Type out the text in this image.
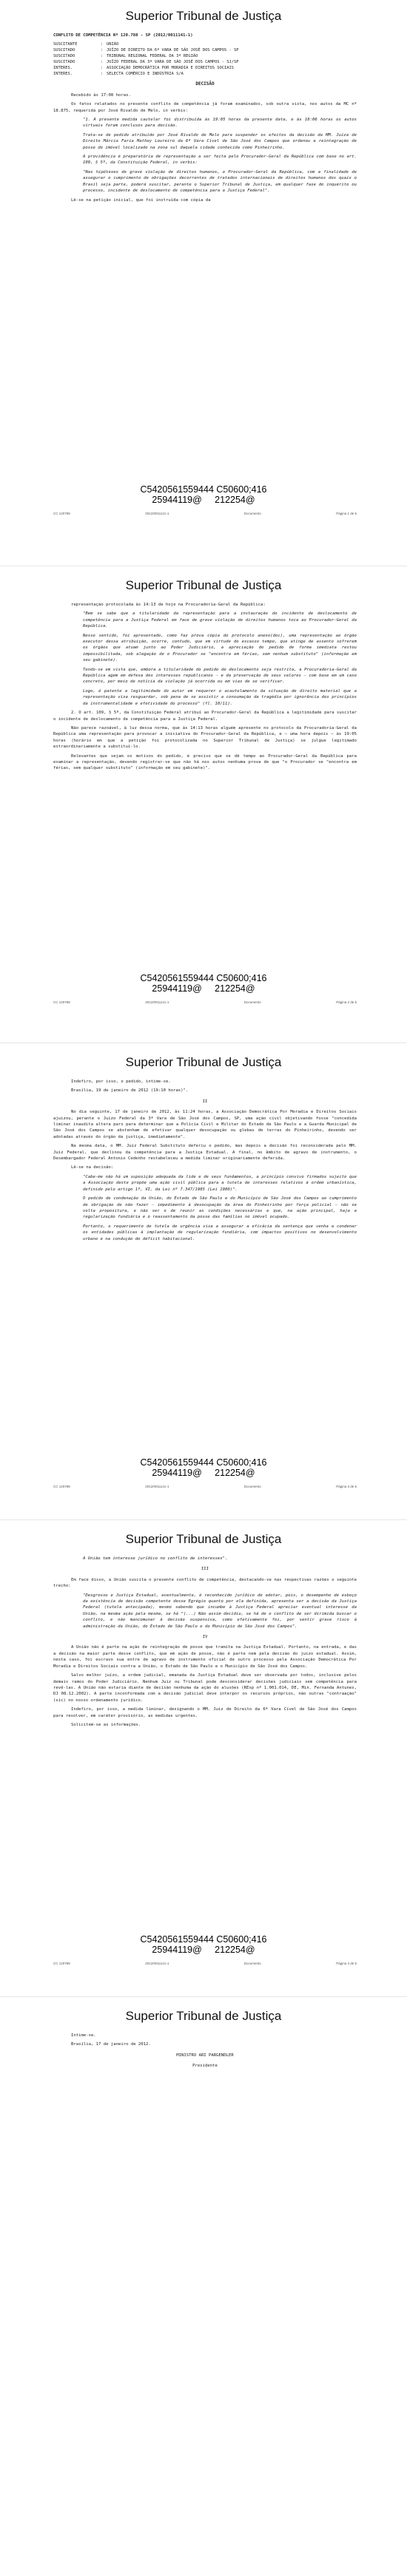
Superior Tribunal de Justiça
CONFLITO DE COMPETÊNCIA Nº 120.788 - SP (2012/0011141-1)
SUSCITANTE	: UNIÃO
SUSCITADO	: JUÍZO DE DIREITO DA 6ª VARA DE SÃO JOSÉ DOS CAMPOS - SP
SUSCITADO	: TRIBUNAL REGIONAL FEDERAL DA 3ª REGIÃO
SUSCITADO	: JUÍZO FEDERAL DA 3ª VARA DE SÃO JOSÉ DOS CAMPOS - SJ/SP
INTERES.	: ASSOCIAÇÃO DEMOCRÁTICA POR MORADIA E DIREITOS SOCIAIS
INTERES.	: SELECTA COMÉRCIO E INDÚSTRIA S/A
DECISÃO
Recebido às 17:08 horas.
Os fatos relatados no presente conflito de competência já foram examinados, sob outra vista, nos autos da MC nº 18.875, requerida por José Rivaldo de Melo, in verbis:
"1. A presente medida cautelar foi distribuída às 19:05 horas da presente data, e às 18:06 horas os autos virtuais foram conclusos para decisão.
Trata-se de pedido atribuído por José Rivaldo de Melo para suspender os efeitos da decisão da MM. Juíza de Direito Márcia Faria Mathey Loureiro da 6ª Vara Cível de São José dos Campos que ordenou a reintegração de posse do imóvel localizado na zona sul daquela cidade conhecida como Pinheirinho.
A providência é preparatória de representação a ser feita pelo Procurador-Geral da República com base no art. 109, § 5º, da Constituição Federal, in verbis:
"Nas hipóteses de grave violação de direitos humanos, o Procurador-Geral da República, com a finalidade de assegurar o cumprimento de obrigações decorrentes de tratados internacionais de direitos humanos dos quais o Brasil seja parte, poderá suscitar, perante o Superior Tribunal de Justiça, em qualquer fase do inquérito ou processo, incidente de deslocamento de competência para a Justiça Federal".
Lê-se na petição inicial, que foi instruída com cópia da
C5420561559444 C50600;416
25944119@     212254@
CC 120788	2012/0011141-1	Documento	Página 1 de 5
Superior Tribunal de Justiça
representação protocolada às 14:13 de hoje na Procuradoria-Geral da República:
"Bem se sabe que a titularidade da representação para a instauração do incidente de deslocamento de competência para a Justiça Federal em face de grave violação de direitos humanos toca ao Procurador-Geral da República.
Nesse sentido, foi apresentado, como faz prova cópia do protocolo anexo(doc), uma representação ao órgão executor dessa atribuição, ocorre, contudo, que em virtude do escasso tempo, que atinge de assento sofrerem os órgãos que atuam junto ao Poder Judiciário, a apreciação do pedido de forma imediata restou impossibilitada, sob alegação de o Procurador se "encontra em férias, sem nenhum substituto" (informação em seu gabinete).
Tendo-se em vista que, embora a titularidade do pedido de deslocamento seja restrita, a Procuradoria-Geral da República agem em defesa dos interesses republicanos – e da preservação de seus valores – com base em um caso concreto, por meio de notícia da violação já ocorrida ou em vias de se verificar.
Logo, é patente a legitimidade do autor em requerer o acautelamento da situação de direito material que a representação visa resguardar, sob pena de se assistir a consumação da tragédia por ignorância dos princípios da instrumentalidade e efetividade do processo" (fl. 10/11).
2. O art. 109, § 5º, da Constituição Federal atribuí ao Procurador-Geral da República a legitimidade para suscitar o incidente de deslocamento de competência para a Justiça Federal.
Não parece razoável, à luz dessa norma, que às 14:13 horas alguém apresente no protocolo da Procuradoria-Geral da República uma representação para provocar a iniciativa do Procurador-Geral da República, e – uma hora depois – às 19:05 horas (horário em que a petição foi protocolizada no Superior Tribunal de Justiça) se julgue legitimado extraordinariamente a substituí-lo.
Relevantes que sejam os motivos do pedido, é preciso que se dê tempo ao Procurador-Geral da República para examinar a representação, devendo registrar-se que não há nos autos nenhuma prova de que "o Procurador se "encontra em férias, sem qualquer substituto" (informação em seu gabinete)".
C5420561559444 C50600;416
25944119@     212254@
CC 120788	2012/0011141-1	Documento	Página 2 de 5
Superior Tribunal de Justiça
Indefiro, por isso, o pedido, intime-se.
Brasília, 19 de janeiro de 2012 (19:10 horas)".
II
No dia seguinte, 17 de janeiro de 2012, às 11:24 horas, a Associação Democrática Por Moradia e Direitos Sociais ajuizou, perante o Juízo Federal da 3ª Vara de São José dos Campos, SP, uma ação civil objetivando fosse "concedida liminar inaudita altera pars para determinar que a Polícia Civil e Militar do Estado de São Paulo e a Guarda Municipal de São José dos Campos se abstenham de efetivar qualquer desocupação ou glebas de terras do Pinheirinho, devendo ser adotadas através do órgão da justiça, imediatamente".
Na mesma data, o MM. Juiz Federal Substituto deferiu o pedido, mas depois a decisão foi reconsiderada pelo MM. Juiz Federal, que declinou da competência para a Justiça Estadual. A final, no âmbito de agravo de instrumento, o Desembargador Federal Antonio Cedenho restabeleceu a medida liminar originariamente deferida.
Lê-se na decisão:
"Cabe-me não há um suposição adequada da lide e de seus fundamentos, a princípio convivo firmados sujeito que a Associação deste propõe uma ação civil pública para a tutela de interesses relativos à ordem urbanística, definido pelo artigo 1º, VI, da Lei nº 7.347/1985 (Lei 1980)".
O pedido de condenação da União, do Estado de São Paulo e do Município de São José dos Campos ao cumprimento de obrigação de não fazer – impedimento à desocupação da área do Pinheirinho por força policial – não se volta propositura, e não ser o de reunir as condições necessárias e que, na ação principal, haja a regularização fundiária e o reassentamento da posse das famílias no imóvel ocupado.
Portanto, o requerimento de tutela de urgência visa a assegurar a eficácia da sentença que venha a condenar os entidades públicas à implantação de regularização fundiária, com impactos positivos no desenvolvimento urbano e na condução do déficit habitacional.
C5420561559444 C50600;416
25944119@     212254@
CC 120788	2012/0011141-1	Documento	Página 3 de 5
Superior Tribunal de Justiça
A União tem interesse jurídico no conflito de interesses".
III
Em face disso, a União suscita o presente conflito de competência, destacando-se nas respectivas razões o seguinte trecho:
"Desgrosso e Justiça Estadual, eventualmente, é reconhecido jurídico de adotar, pois, o desempenho de esboço da existência de decisão competente desse Egrégio quanto por ela definida, apresenta ser a decisão da Justiça Federal (tutela antecipada), mesmo sabendo que incumbe à Justiça Federal apreciar eventual interesse da União, na mesma ação pela mesma, se há "(...) Não assim decidiu, se há de o conflito de ser dirimida buscar o conflito, e não mancomunar à decisão suspensiva, como efetivamente foi, por sentir grave risco à administração da União, do Estado de São Paulo e do Município de São José dos Campos".
IV
A União não é parte na ação de reintegração de posse que tramita na Justiça Estadual. Portanto, na entrada, e das a decisão na maior parte desse conflito, que em ação de posse, não é parte nem pela decisão do juízo estadual. Assim, nesta caso, foi escravo sua entre de agravo de instrumento oficial de outro processo pela Associação Democrática Por Moradia e Direitos Sociais contra a União, o Estado de São Paulo e o Município de São José dos Campos.
Salvo melhor juízo, a ordem judicial, emanada da Justiça Estadual deve ser observada por todos, inclusive pelos demais ramos do Poder Judiciário. Nenhum Juiz ou Tribunal pode desconsiderar decisões judiciais sem competência para revê-las. A União não estaria diante de decisão nenhuma da ação do alusões (REsp nº 1.001.014, DE, Min. Fernanda Antunes, DJ 08.12.2002). A parte inconformada com a decisão judicial deve interpor os recursos próprios, não outras "contraação" (sic) no nosso ordenamento jurídico.
Indefiro, por isso, a medida liminar, designando o MM. Juiz de Direito da 6ª Vara Cível de São José dos Campos para resolver, em caráter provisório, as medidas urgentes.
Solicitem-se as informações.
C5420561559444 C50600;416
25944119@     212254@
CC 120788	2012/0011141-1	Documento	Página 4 de 5
Superior Tribunal de Justiça
Intime-se.
Brasília, 17 de janeiro de 2012.
MINISTRO ARI PARGENDLER
Presidente
